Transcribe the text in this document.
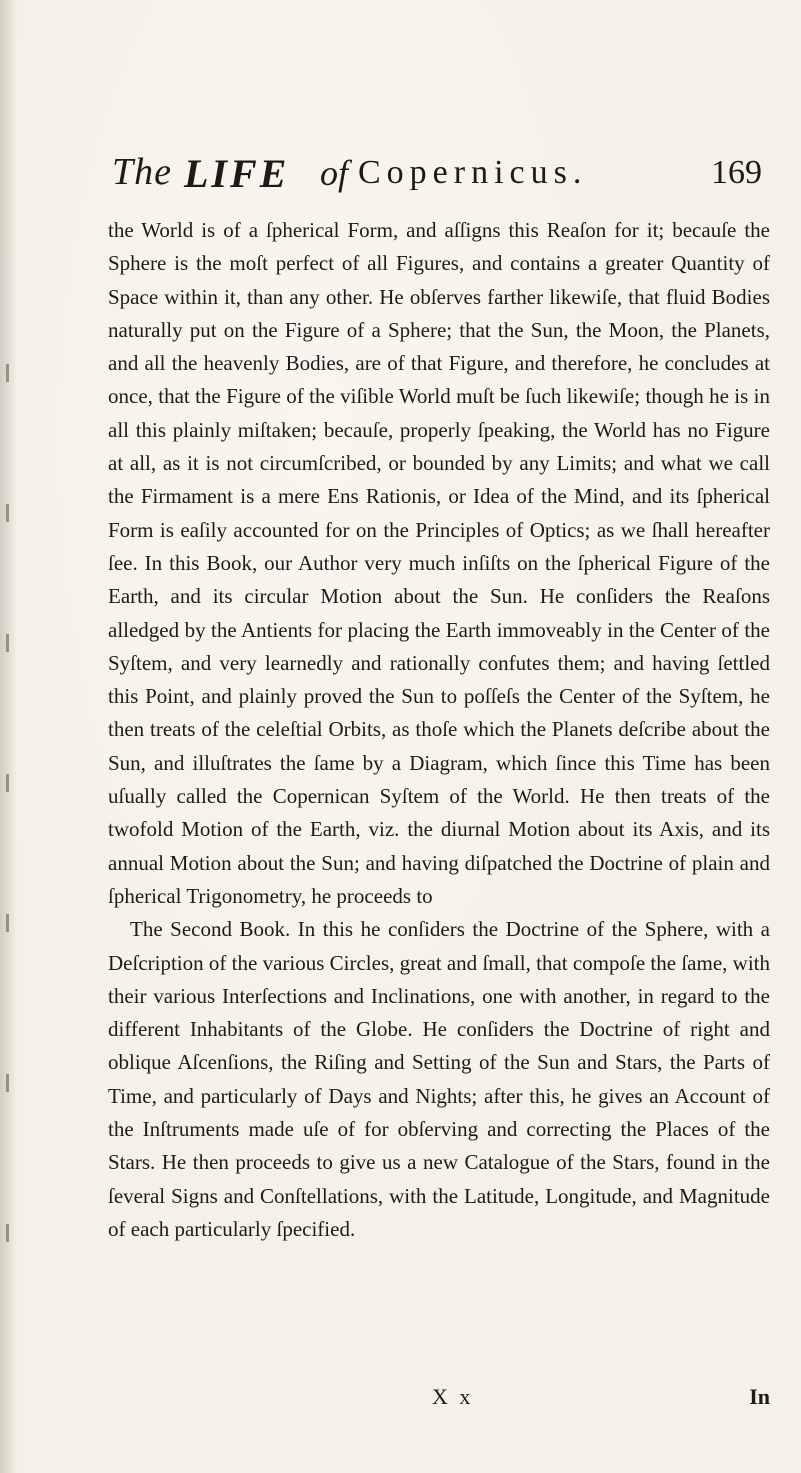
The LIFE of Copernicus.	169

the World is of a ſpherical Form, and aſſigns this Reaſon for it; becauſe the Sphere is the moſt perfect of all Figures, and contains a greater Quantity of Space within it, than any other. He obſerves farther likewiſe, that fluid Bodies naturally put on the Figure of a Sphere; that the Sun, the Moon, the Planets, and all the heavenly Bodies, are of that Figure, and therefore, he concludes at once, that the Figure of the viſible World muſt be ſuch likewiſe; though he is in all this plainly miſtaken; becauſe, properly ſpeaking, the World has no Figure at all, as it is not circumſcribed, or bounded by any Limits; and what we call the Firmament is a mere Ens Rationis, or Idea of the Mind, and its ſpherical Form is eaſily accounted for on the Principles of Optics; as we ſhall hereafter ſee. In this Book, our Author very much inſiſts on the ſpherical Figure of the Earth, and its circular Motion about the Sun. He conſiders the Reaſons alledged by the Antients for placing the Earth immoveably in the Center of the Syſtem, and very learnedly and rationally confutes them; and having ſettled this Point, and plainly proved the Sun to poſſeſs the Center of the Syſtem, he then treats of the celeſtial Orbits, as thoſe which the Planets deſcribe about the Sun, and illuſtrates the ſame by a Diagram, which ſince this Time has been uſually called the Copernican Syſtem of the World. He then treats of the twofold Motion of the Earth, viz. the diurnal Motion about its Axis, and its annual Motion about the Sun; and having diſpatched the Doctrine of plain and ſpherical Trigonometry, he proceeds to

The Second Book. In this he conſiders the Doctrine of the Sphere, with a Deſcription of the various Circles, great and ſmall, that compoſe the ſame, with their various Interſections and Inclinations, one with another, in regard to the different Inhabitants of the Globe. He conſiders the Doctrine of right and oblique Aſcenſions, the Riſing and Setting of the Sun and Stars, the Parts of Time, and particularly of Days and Nights; after this, he gives an Account of the Inſtruments made uſe of for obſerving and correcting the Places of the Stars. He then proceeds to give us a new Catalogue of the Stars, found in the ſeveral Signs and Conſtellations, with the Latitude, Longitude, and Magnitude of each particularly ſpecified.

X x	In
